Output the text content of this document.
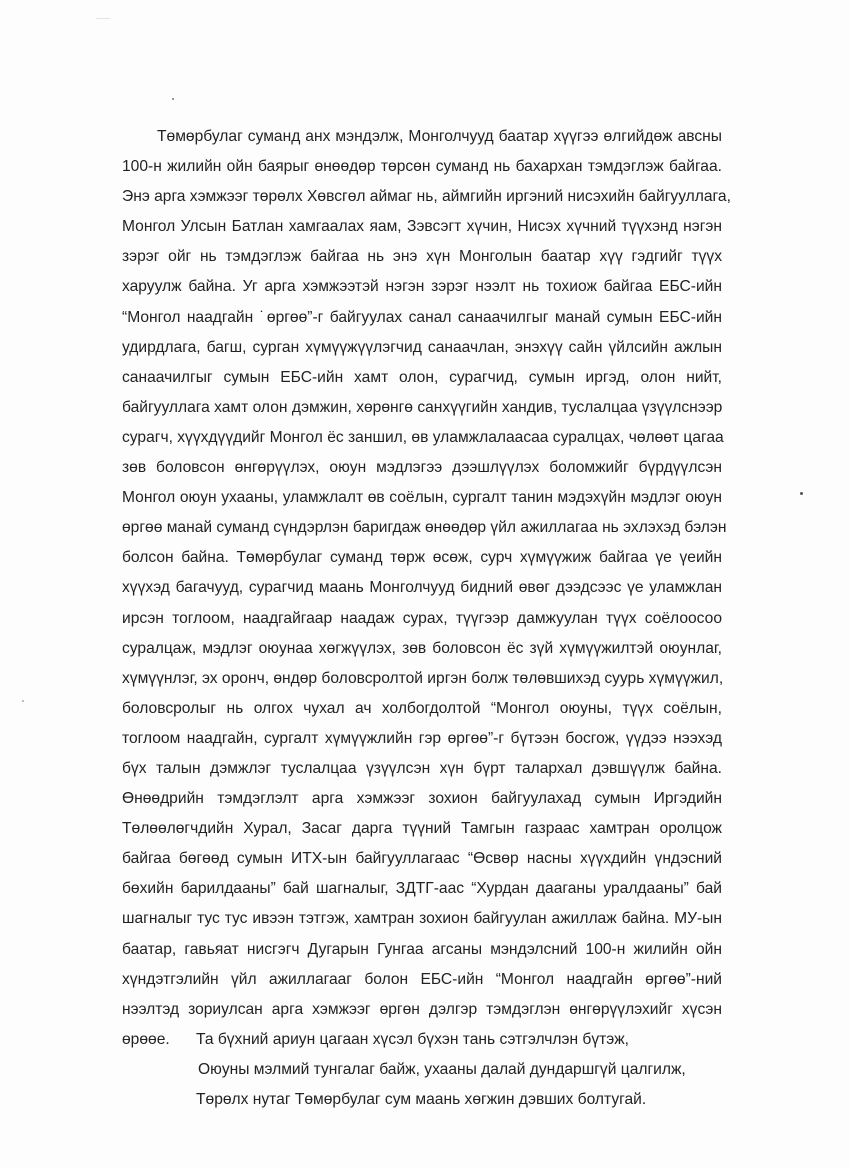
Төмөрбулаг суманд анх мэндэлж, Монголчууд баатар хүүгээ өлгийдөж авсны
100-н жилийн ойн баярыг өнөөдөр төрсөн суманд нь бахархан тэмдэглэж байгаа.
Энэ арга хэмжээг төрөлх Хөвсгөл аймаг нь, аймгийн иргэний нисэхийн байгууллага,
Монгол Улсын Батлан хамгаалах яам, Зэвсэгт хүчин, Нисэх хүчний түүхэнд нэгэн
зэрэг ойг нь тэмдэглэж байгаа нь энэ хүн Монголын баатар хүү гэдгийг түүх
харуулж байна. Уг арга хэмжээтэй нэгэн зэрэг нээлт нь тохиож байгаа ЕБС-ийн
“Монгол наадгайн ˙өргөө”-г байгуулах санал санаачилгыг манай сумын ЕБС-ийн
удирдлага, багш, сурган хүмүүжүүлэгчид санаачлан, энэхүү сайн үйлсийн ажлын
санаачилгыг сумын ЕБС-ийн хамт олон, сурагчид, сумын иргэд, олон нийт,
байгууллага хамт олон дэмжин, хөрөнгө санхүүгийн хандив, туслалцаа үзүүлснээр
сурагч, хүүхдүүдийг Монгол ёс заншил, өв уламжлалаасаа суралцах, чөлөөт цагаа
зөв боловсон өнгөрүүлэх, оюун мэдлэгээ дээшлүүлэх боломжийг бүрдүүлсэн
Монгол оюун ухааны, уламжлалт өв соёлын, сургалт танин мэдэхүйн мэдлэг оюун
өргөө манай суманд сүндэрлэн баригдаж өнөөдөр үйл ажиллагаа нь эхлэхэд бэлэн
болсон байна. Төмөрбулаг суманд төрж өсөж, сурч хүмүүжиж байгаа үе үеийн
хүүхэд багачууд, сурагчид маань Монголчууд бидний өвөг дээдсээс үе уламжлан
ирсэн тоглоом, наадгайгаар наадаж сурах, түүгээр дамжуулан түүх соёлоосоо
суралцаж, мэдлэг оюунаа хөгжүүлэх, зөв боловсон ёс зүй хүмүүжилтэй оюунлаг,
хүмүүнлэг, эх оронч, өндөр боловсролтой иргэн болж төлөвшихэд суурь хүмүүжил,
боловсролыг нь олгох чухал ач холбогдолтой “Монгол оюуны, түүх соёлын,
тоглоом наадгайн, сургалт хүмүүжлийн гэр өргөө”-г бүтээн босгож, үүдээ нээхэд
бүх талын дэмжлэг туслалцаа үзүүлсэн хүн бүрт талархал дэвшүүлж байна.
Өнөөдрийн тэмдэглэлт арга хэмжээг зохион байгуулахад сумын Иргэдийн
Төлөөлөгчдийн Хурал, Засаг дарга түүний Тамгын газраас хамтран оролцож
байгаа бөгөөд сумын ИТХ-ын байгууллагаас “Өсвөр насны хүүхдийн үндэсний
бөхийн барилдааны” бай шагналыг, ЗДТГ-аас “Хурдан дааганы уралдааны” бай
шагналыг тус тус ивээн тэтгэж, хамтран зохион байгуулан ажиллаж байна. МУ-ын
баатар, гавьяат нисгэгч Дугарын Гунгаа агсаны мэндэлсний 100-н жилийн ойн
хүндэтгэлийн үйл ажиллагааг болон ЕБС-ийн “Монгол наадгайн өргөө”-ний
нээлтэд зориулсан арга хэмжээг өргөн дэлгэр тэмдэглэн өнгөрүүлэхийг хүсэн
өрөөе. Та бүхний ариун цагаан хүсэл бүхэн тань сэтгэлчлэн бүтэж,
Оюуны мэлмий тунгалаг байж, ухааны далай дундаршгүй цалгилж,
Төрөлх нутаг Төмөрбулаг сум маань хөгжин дэвших болтугай.
